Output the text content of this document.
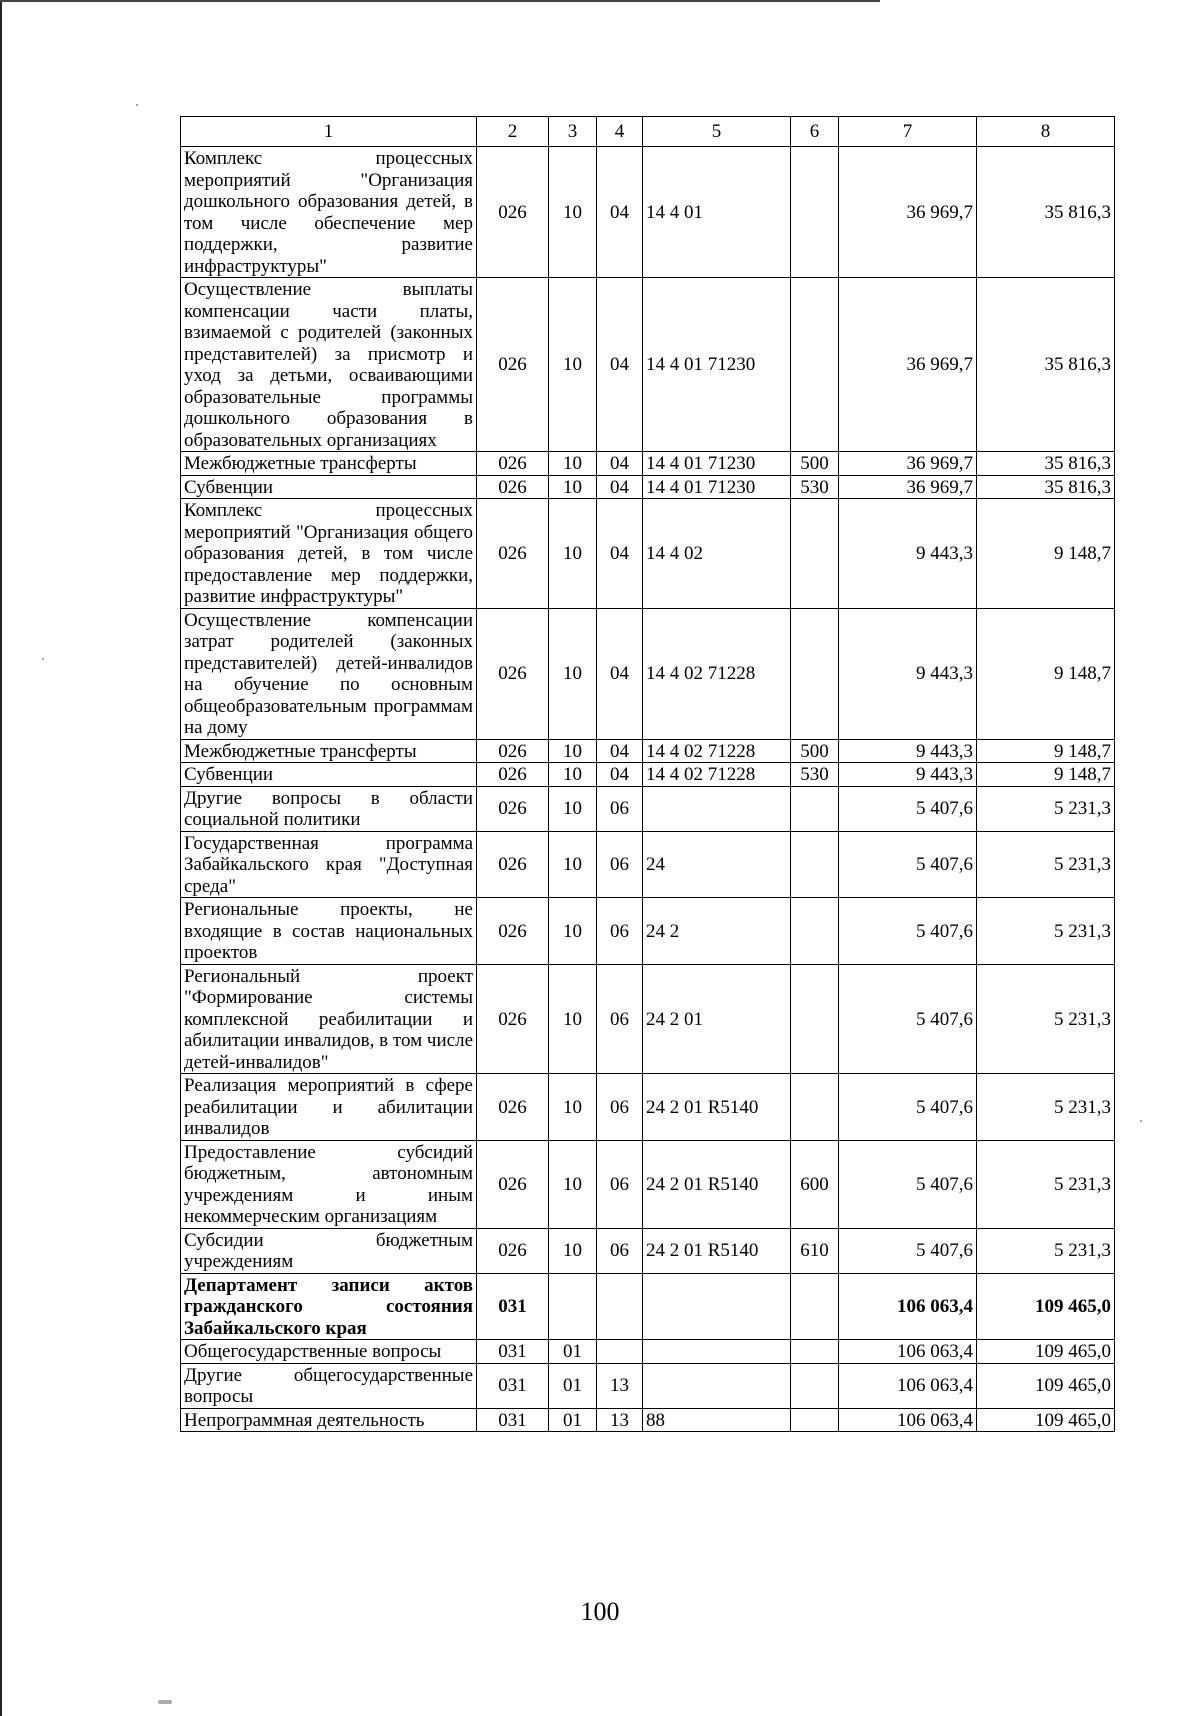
1	2	3	4	5	6	7	8
Комплекс процессных мероприятий "Организация дошкольного образования детей, в том числе обеспечение мер поддержки, развитие инфраструктуры"	026	10	04	14 4 01		36 969,7	35 816,3
Осуществление выплаты компенсации части платы, взимаемой с родителей (законных представителей) за присмотр и уход за детьми, осваивающими образовательные программы дошкольного образования в образовательных организациях	026	10	04	14 4 01 71230		36 969,7	35 816,3
Межбюджетные трансферты	026	10	04	14 4 01 71230	500	36 969,7	35 816,3
Субвенции	026	10	04	14 4 01 71230	530	36 969,7	35 816,3
Комплекс процессных мероприятий "Организация общего образования детей, в том числе предоставление мер поддержки, развитие инфраструктуры"	026	10	04	14 4 02		9 443,3	9 148,7
Осуществление компенсации затрат родителей (законных представителей) детей-инвалидов на обучение по основным общеобразовательным программам на дому	026	10	04	14 4 02 71228		9 443,3	9 148,7
Межбюджетные трансферты	026	10	04	14 4 02 71228	500	9 443,3	9 148,7
Субвенции	026	10	04	14 4 02 71228	530	9 443,3	9 148,7
Другие вопросы в области социальной политики	026	10	06			5 407,6	5 231,3
Государственная программа Забайкальского края "Доступная среда"	026	10	06	24		5 407,6	5 231,3
Региональные проекты, не входящие в состав национальных проектов	026	10	06	24 2		5 407,6	5 231,3
Региональный проект "Формирование системы комплексной реабилитации и абилитации инвалидов, в том числе детей-инвалидов"	026	10	06	24 2 01		5 407,6	5 231,3
Реализация мероприятий в сфере реабилитации и абилитации инвалидов	026	10	06	24 2 01 R5140		5 407,6	5 231,3
Предоставление субсидий бюджетным, автономным учреждениям и иным некоммерческим организациям	026	10	06	24 2 01 R5140	600	5 407,6	5 231,3
Субсидии бюджетным учреждениям	026	10	06	24 2 01 R5140	610	5 407,6	5 231,3
Департамент записи актов гражданского состояния Забайкальского края	031					106 063,4	109 465,0
Общегосударственные вопросы	031	01				106 063,4	109 465,0
Другие общегосударственные вопросы	031	01	13			106 063,4	109 465,0
Непрограммная деятельность	031	01	13	88		106 063,4	109 465,0
100
